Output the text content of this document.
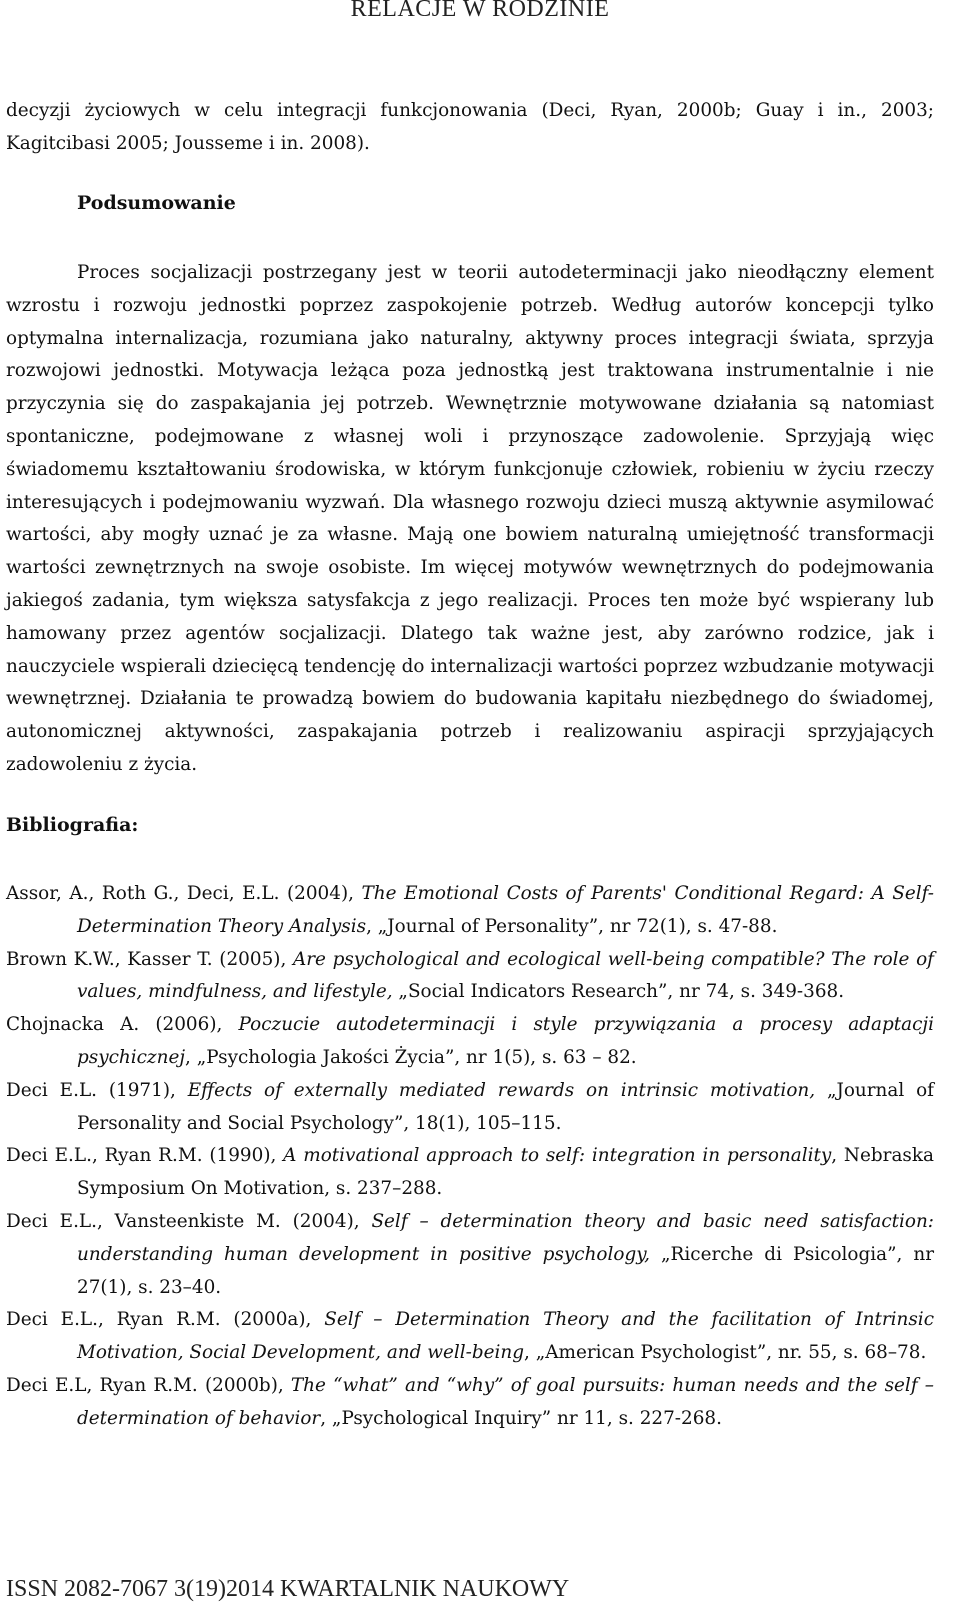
RELACJE W RODZINIE

decyzji życiowych w celu integracji funkcjonowania (Deci, Ryan, 2000b; Guay i in., 2003; Kagitcibasi 2005; Jousseme i in. 2008).

Podsumowanie

Proces socjalizacji postrzegany jest w teorii autodeterminacji jako nieodłączny element wzrostu i rozwoju jednostki poprzez zaspokojenie potrzeb. Według autorów koncepcji tylko optymalna internalizacja, rozumiana jako naturalny, aktywny proces integracji świata, sprzyja rozwojowi jednostki. Motywacja leżąca poza jednostką jest traktowana instrumentalnie i nie przyczynia się do zaspakajania jej potrzeb. Wewnętrznie motywowane działania są natomiast spontaniczne, podejmowane z własnej woli i przynoszące zadowolenie. Sprzyjają więc świadomemu kształtowaniu środowiska, w którym funkcjonuje człowiek, robieniu w życiu rzeczy interesujących i podejmowaniu wyzwań. Dla własnego rozwoju dzieci muszą aktywnie asymilować wartości, aby mogły uznać je za własne. Mają one bowiem naturalną umiejętność transformacji wartości zewnętrznych na swoje osobiste. Im więcej motywów wewnętrznych do podejmowania jakiegoś zadania, tym większa satysfakcja z jego realizacji. Proces ten może być wspierany lub hamowany przez agentów socjalizacji. Dlatego tak ważne jest, aby zarówno rodzice, jak i nauczyciele wspierali dziecięcą tendencję do internalizacji wartości poprzez wzbudzanie motywacji wewnętrznej. Działania te prowadzą bowiem do budowania kapitału niezbędnego do świadomej, autonomicznej aktywności, zaspakajania potrzeb i realizowaniu aspiracji sprzyjających zadowoleniu z życia.

Bibliografia:
Assor, A., Roth G., Deci, E.L. (2004), The Emotional Costs of Parents' Conditional Regard: A Self-Determination Theory Analysis, „Journal of Personality”, nr 72(1), s. 47-88.
Brown K.W., Kasser T. (2005), Are psychological and ecological well-being compatible? The role of values, mindfulness, and lifestyle, „Social Indicators Research”, nr 74, s. 349-368.
Chojnacka A. (2006), Poczucie autodeterminacji i style przywiązania a procesy adaptacji psychicznej, „Psychologia Jakości Życia”, nr 1(5), s. 63 – 82.
Deci E.L. (1971), Effects of externally mediated rewards on intrinsic motivation, „Journal of Personality and Social Psychology”, 18(1), 105–115.
Deci E.L., Ryan R.M. (1990), A motivational approach to self: integration in personality, Nebraska Symposium On Motivation, s. 237–288.
Deci E.L., Vansteenkiste M. (2004), Self – determination theory and basic need satisfaction: understanding human development in positive psychology, „Ricerche di Psicologia”, nr 27(1), s. 23–40.
Deci E.L., Ryan R.M. (2000a), Self – Determination Theory and the facilitation of Intrinsic Motivation, Social Development, and well-being, „American Psychologist”, nr. 55, s. 68–78.
Deci E.L, Ryan R.M. (2000b), The “what” and “why” of goal pursuits: human needs and the self – determination of behavior, „Psychological Inquiry” nr 11, s. 227-268.
ISSN 2082-7067 3(19)2014 KWARTALNIK NAUKOWY
